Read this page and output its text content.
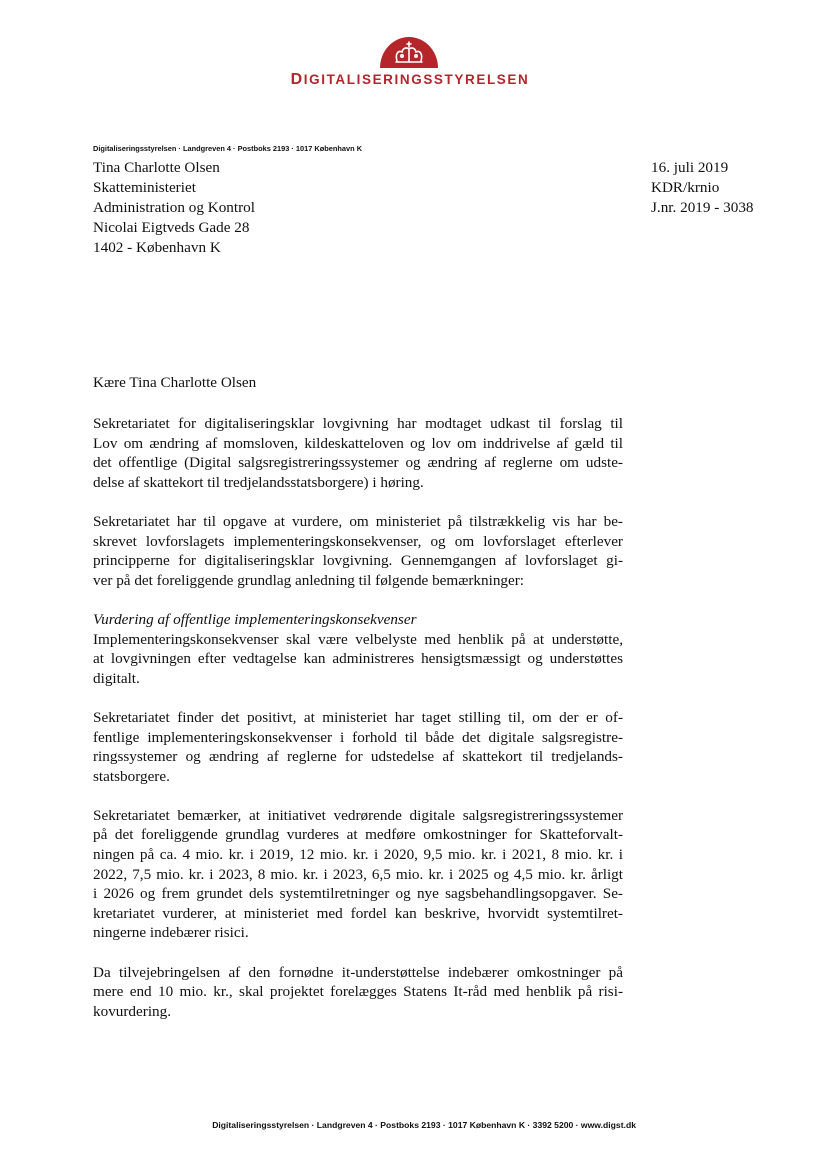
DIGITALISERINGSSTYRELSEN
Digitaliseringsstyrelsen · Landgreven 4 · Postboks 2193 · 1017 København K
Tina Charlotte Olsen
Skatteministeriet
Administration og Kontrol
Nicolai Eigtveds Gade 28
1402 - København K
16. juli 2019
KDR/krnio
J.nr. 2019 - 3038
Kære Tina Charlotte Olsen

Sekretariatet for digitaliseringsklar lovgivning har modtaget udkast til forslag til
Lov om ændring af momsloven, kildeskatteloven og lov om inddrivelse af gæld til
det offentlige (Digital salgsregistreringssystemer og ændring af reglerne om udste-
delse af skattekort til tredjelandsstatsborgere) i høring.

Sekretariatet har til opgave at vurdere, om ministeriet på tilstrækkelig vis har be-
skrevet lovforslagets implementeringskonsekvenser, og om lovforslaget efterlever
principperne for digitaliseringsklar lovgivning. Gennemgangen af lovforslaget gi-
ver på det foreliggende grundlag anledning til følgende bemærkninger:

Vurdering af offentlige implementeringskonsekvenser
Implementeringskonsekvenser skal være velbelyste med henblik på at understøtte,
at lovgivningen efter vedtagelse kan administreres hensigtsmæssigt og understøttes
digitalt.

Sekretariatet finder det positivt, at ministeriet har taget stilling til, om der er of-
fentlige implementeringskonsekvenser i forhold til både det digitale salgsregistre-
ringssystemer og ændring af reglerne for udstedelse af skattekort til tredjelands-
statsborgere.

Sekretariatet bemærker, at initiativet vedrørende digitale salgsregistreringssystemer
på det foreliggende grundlag vurderes at medføre omkostninger for Skatteforvalt-
ningen på ca. 4 mio. kr. i 2019, 12 mio. kr. i 2020, 9,5 mio. kr. i 2021, 8 mio. kr. i
2022, 7,5 mio. kr. i 2023, 8 mio. kr. i 2023, 6,5 mio. kr. i 2025 og 4,5 mio. kr. årligt
i 2026 og frem grundet dels systemtilretninger og nye sagsbehandlingsopgaver. Se-
kretariatet vurderer, at ministeriet med fordel kan beskrive, hvorvidt systemtilret-
ningerne indebærer risici.

Da tilvejebringelsen af den fornødne it-understøttelse indebærer omkostninger på
mere end 10 mio. kr., skal projektet forelægges Statens It-råd med henblik på risi-
kovurdering.

Digitaliseringsstyrelsen · Landgreven 4 · Postboks 2193 · 1017 København K · 3392 5200 · www.digst.dk
